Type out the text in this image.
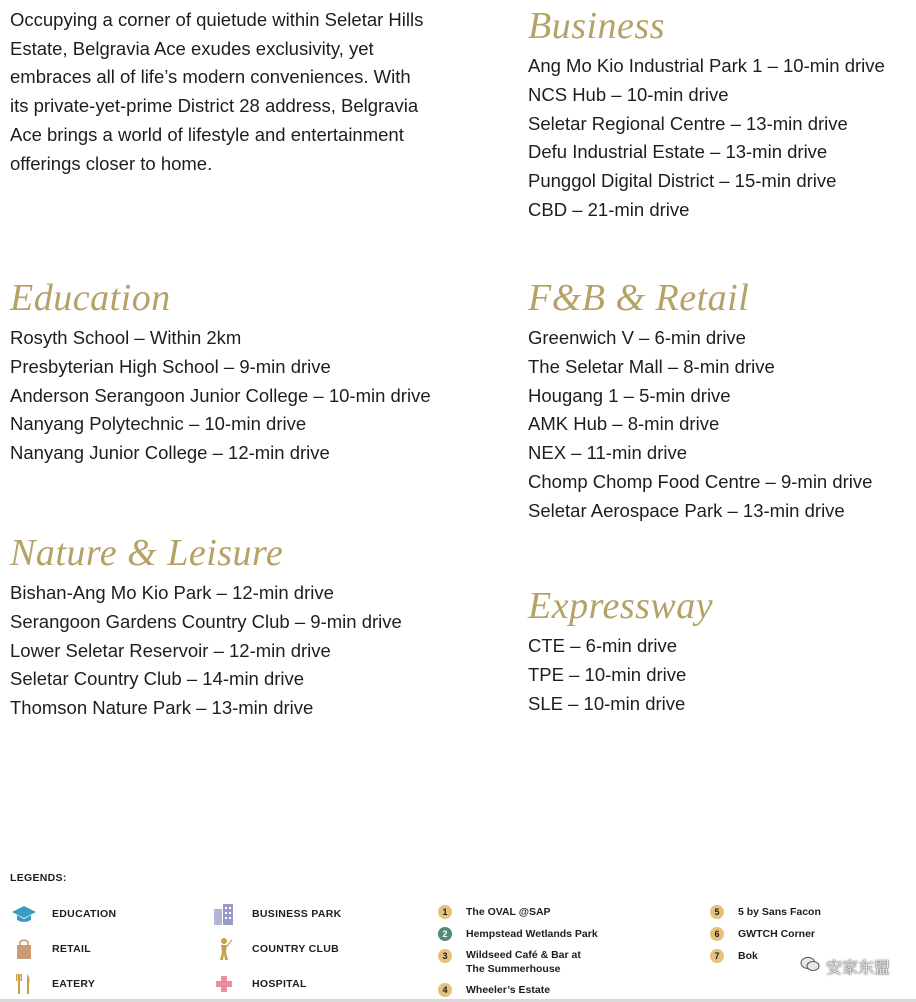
Occupying a corner of quietude within Seletar Hills Estate, Belgravia Ace exudes exclusivity, yet embraces all of life’s modern conveniences. With its private-yet-prime District 28 address, Belgravia Ace brings a world of lifestyle and entertainment offerings closer to home.

Business
Ang Mo Kio Industrial Park 1 – 10-min drive
NCS Hub – 10-min drive
Seletar Regional Centre – 13-min drive
Defu Industrial Estate – 13-min drive
Punggol Digital District – 15-min drive
CBD – 21-min drive
Education
Rosyth School – Within 2km
Presbyterian High School – 9-min drive
Anderson Serangoon Junior College – 10-min drive
Nanyang Polytechnic – 10-min drive
Nanyang Junior College – 12-min drive
F&B & Retail
Greenwich V – 6-min drive
The Seletar Mall – 8-min drive
Hougang 1 – 5-min drive
AMK Hub – 8-min drive
NEX – 11-min drive
Chomp Chomp Food Centre – 9-min drive
Seletar Aerospace Park – 13-min drive
Nature & Leisure
Bishan-Ang Mo Kio Park – 12-min drive
Serangoon Gardens Country Club – 9-min drive
Lower Seletar Reservoir – 12-min drive
Seletar Country Club – 14-min drive
Thomson Nature Park – 13-min drive
Expressway
CTE – 6-min drive
TPE – 10-min drive
SLE – 10-min drive
LEGENDS:
EDUCATION
RETAIL
EATERY
BUSINESS PARK
COUNTRY CLUB
HOSPITAL
1	The OVAL @SAP
2	Hempstead Wetlands Park
3	Wildseed Café & Bar at
The Summerhouse
4	Wheeler’s Estate
5	5 by Sans Facon
6	GWTCH Corner
7	Bok
安家东盟
